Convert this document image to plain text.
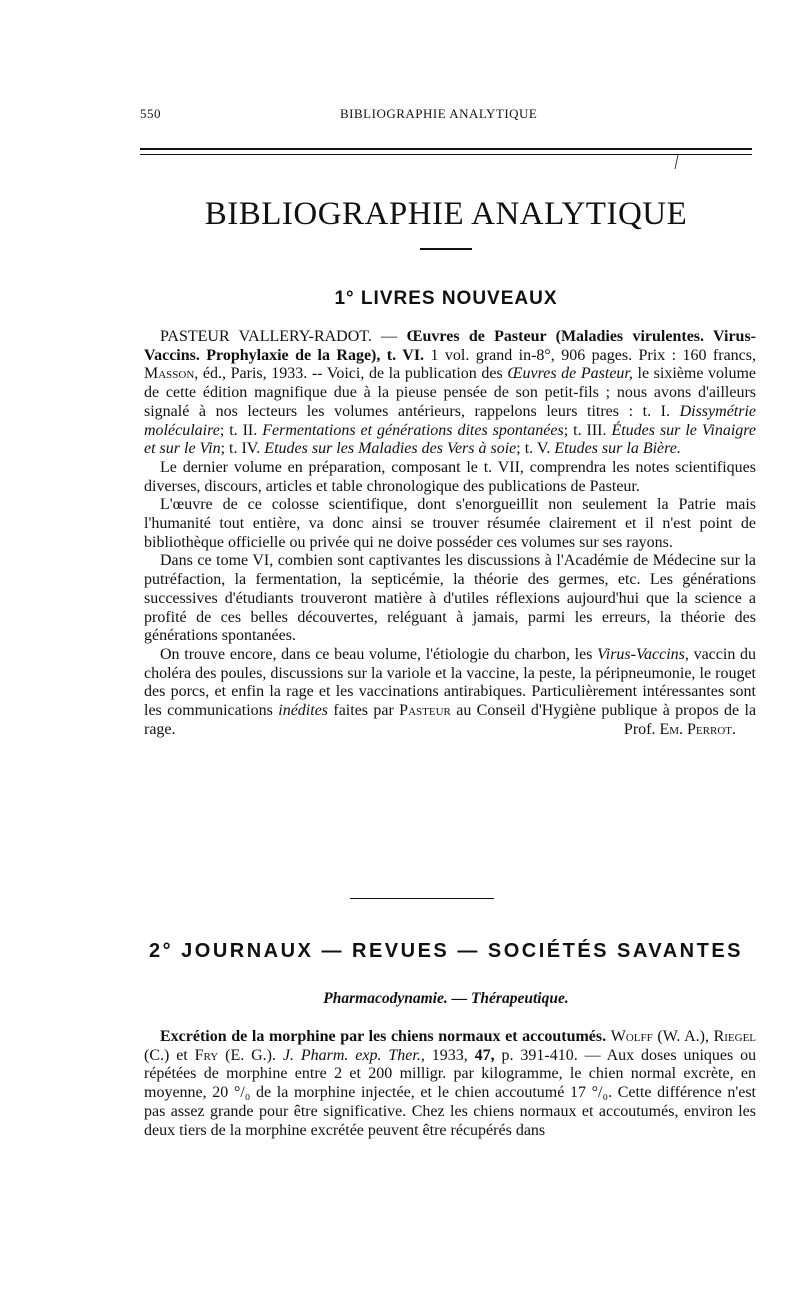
550	BIBLIOGRAPHIE ANALYTIQUE
BIBLIOGRAPHIE ANALYTIQUE
1° LIVRES NOUVEAUX

PASTEUR VALLERY-RADOT. — Œuvres de Pasteur (Maladies virulentes. Virus-Vaccins. Prophylaxie de la Rage), t. VI. 1 vol. grand in-8°, 906 pages. Prix : 160 francs, Masson, éd., Paris, 1933. -- Voici, de la publication des Œuvres de Pasteur, le sixième volume de cette édition magnifique due à la pieuse pensée de son petit-fils ; nous avons d'ailleurs signalé à nos lecteurs les volumes antérieurs, rappelons leurs titres : t. I. Dissymétrie moléculaire; t. II. Fermentations et générations dites spontanées; t. III. Études sur le Vinaigre et sur le Vin; t. IV. Etudes sur les Maladies des Vers à soie; t. V. Etudes sur la Bière.

Le dernier volume en préparation, composant le t. VII, comprendra les notes scientifiques diverses, discours, articles et table chronologique des publications de Pasteur.

L'œuvre de ce colosse scientifique, dont s'enorgueillit non seulement la Patrie mais l'humanité tout entière, va donc ainsi se trouver résumée clairement et il n'est point de bibliothèque officielle ou privée qui ne doive posséder ces volumes sur ses rayons.

Dans ce tome VI, combien sont captivantes les discussions à l'Académie de Médecine sur la putréfaction, la fermentation, la septicémie, la théorie des germes, etc. Les générations successives d'étudiants trouveront matière à d'utiles réflexions aujourd'hui que la science a profité de ces belles découvertes, reléguant à jamais, parmi les erreurs, la théorie des générations spontanées.

On trouve encore, dans ce beau volume, l'étiologie du charbon, les Virus-Vaccins, vaccin du choléra des poules, discussions sur la variole et la vaccine, la peste, la péripneumonie, le rouget des porcs, et enfin la rage et les vaccinations antirabiques. Particulièrement intéressantes sont les communications inédites faites par Pasteur au Conseil d'Hygiène publique à propos de la rage.	Prof. Em. Perrot.
2° JOURNAUX — REVUES — SOCIÉTÉS SAVANTES
Pharmacodynamie. — Thérapeutique.

Excrétion de la morphine par les chiens normaux et accoutumés. Wolff (W. A.), Riegel (C.) et Fry (E. G.). J. Pharm. exp. Ther., 1933, 47, p. 391-410. — Aux doses uniques ou répétées de morphine entre 2 et 200 milligr. par kilogramme, le chien normal excrète, en moyenne, 20 °/₀ de la morphine injectée, et le chien accoutumé 17 °/₀. Cette différence n'est pas assez grande pour être significative. Chez les chiens normaux et accoutumés, environ les deux tiers de la morphine excrétée peuvent être récupérés dans
